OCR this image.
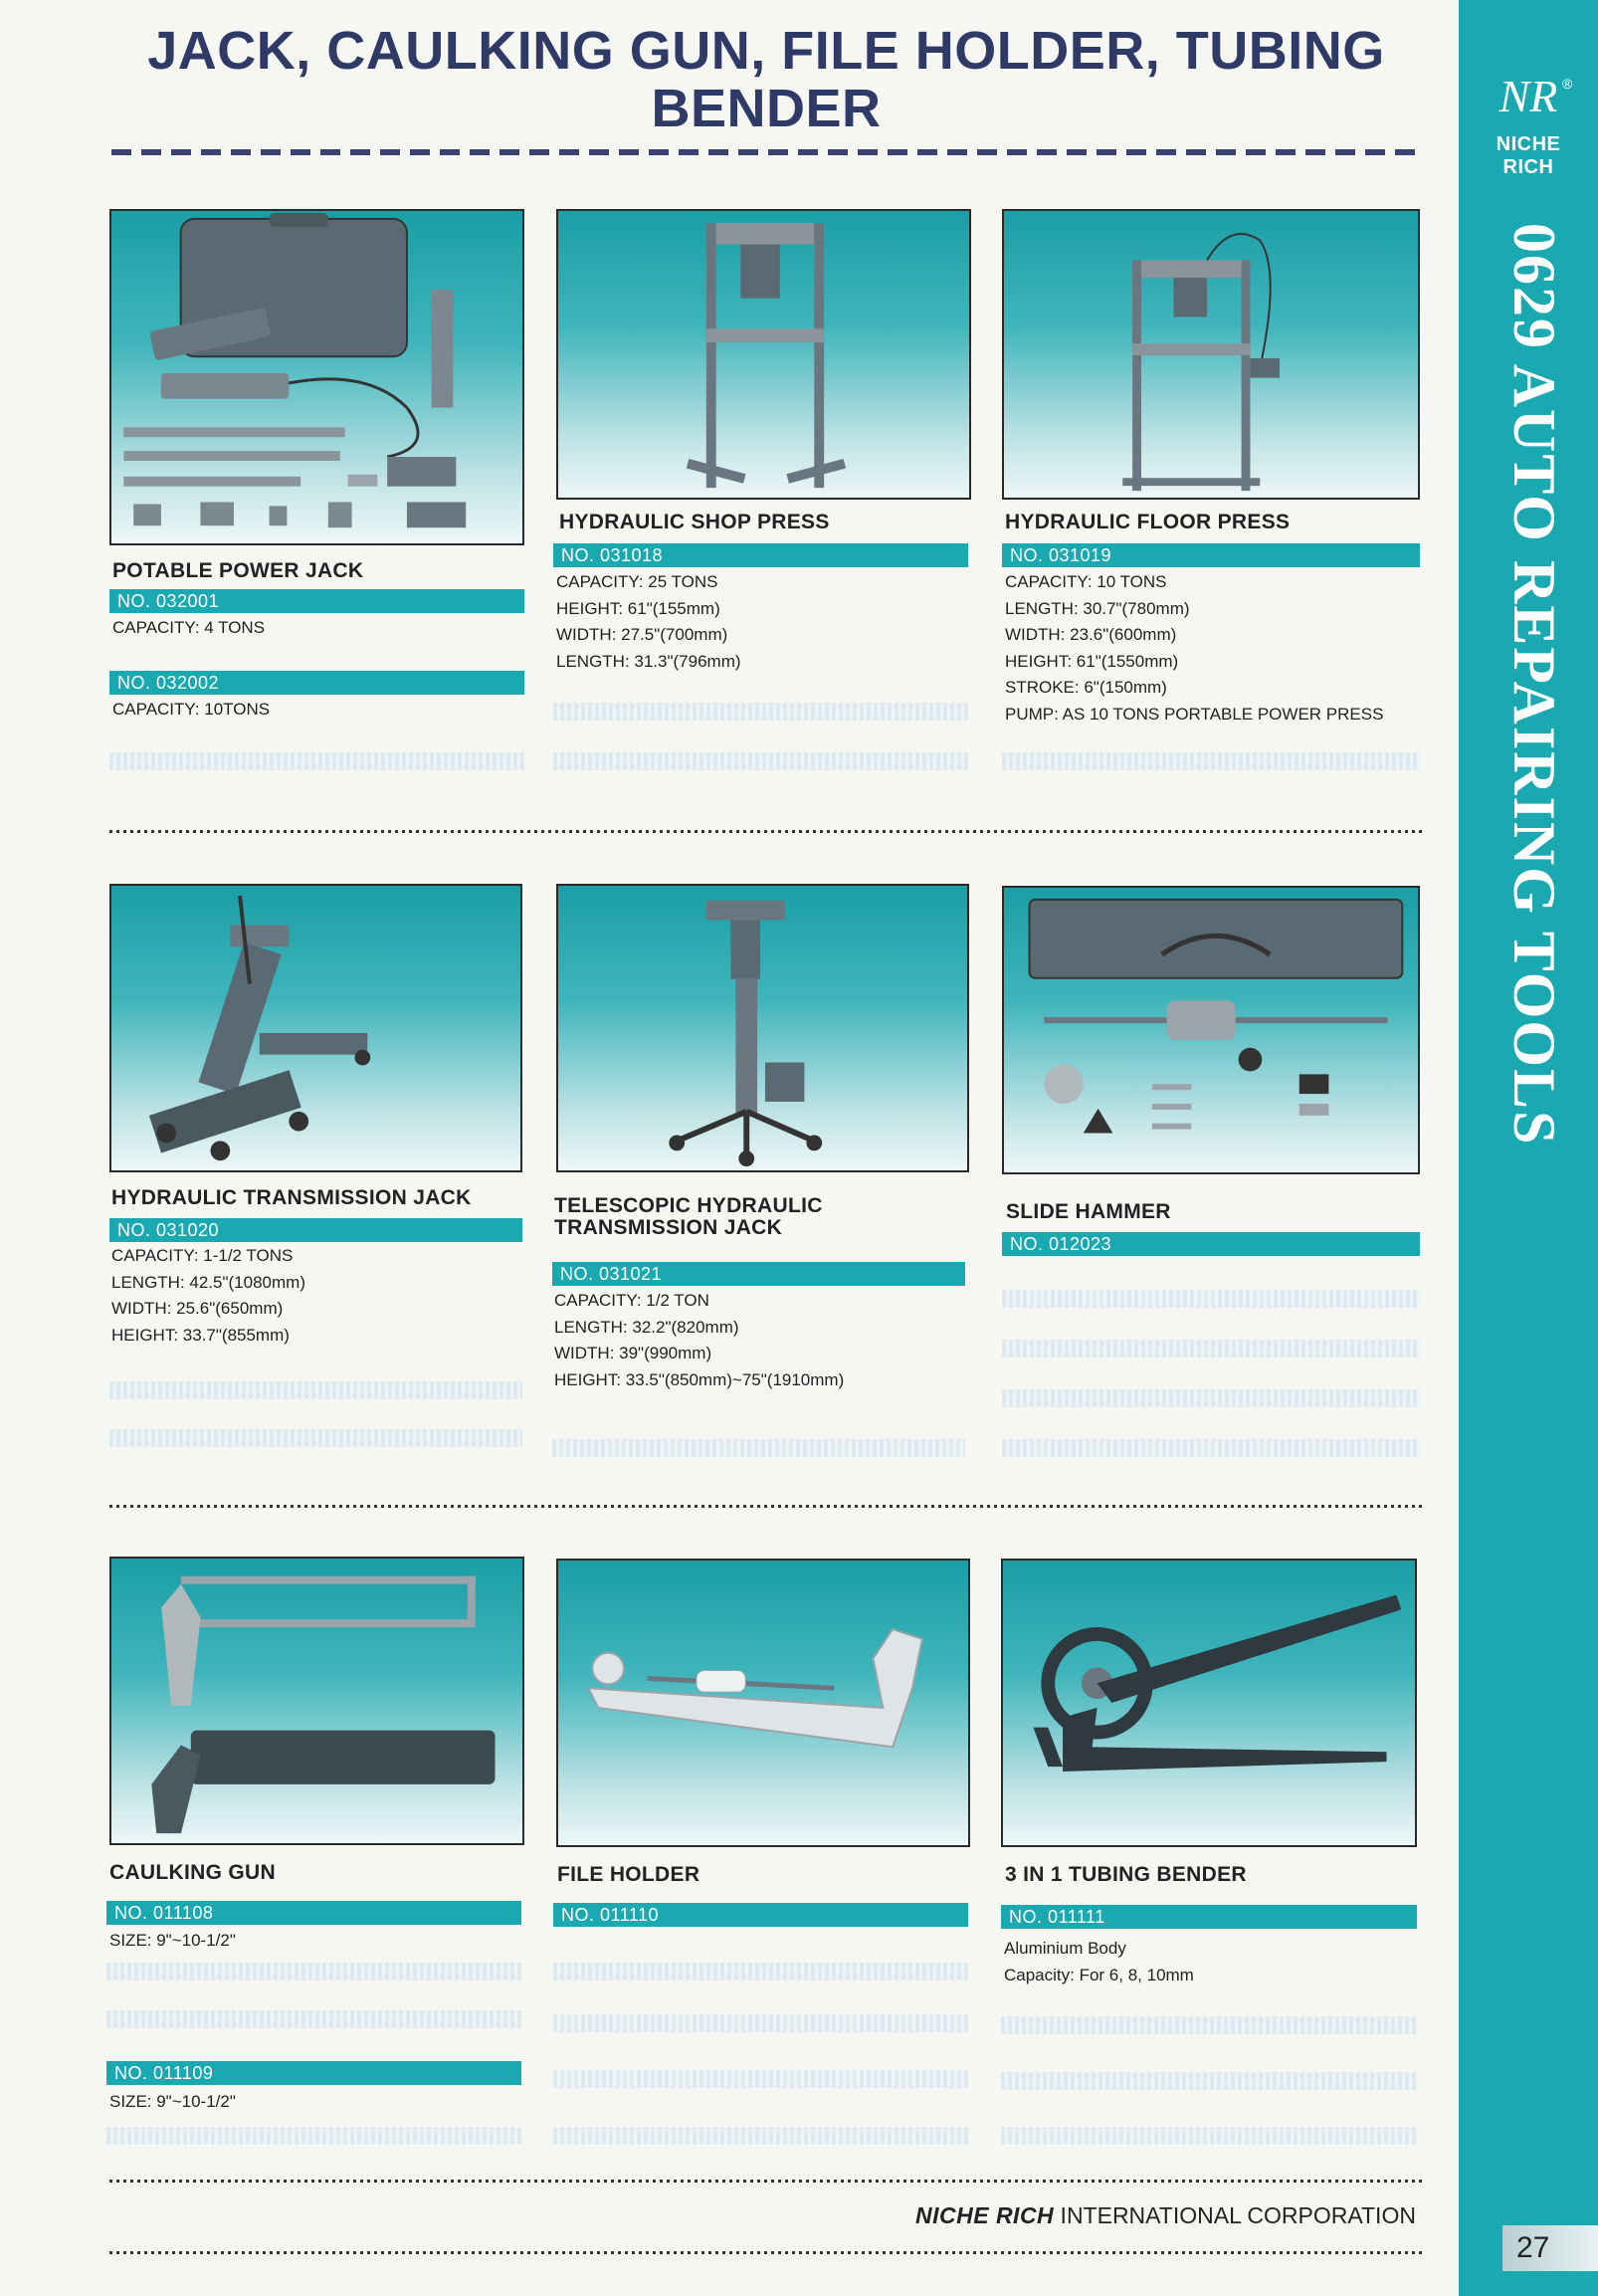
JACK, CAULKING GUN, FILE HOLDER, TUBING
BENDER	NR ®
NICHE RICH
0629 AUTO REPAIRING TOOLS
27
POTABLE POWER JACK
NO. 032001
CAPACITY: 4 TONS
NO. 032002
CAPACITY: 10TONS
HYDRAULIC SHOP PRESS
NO. 031018
CAPACITY: 25 TONS
HEIGHT: 61"(155mm)
WIDTH: 27.5"(700mm)
LENGTH: 31.3"(796mm)
HYDRAULIC FLOOR PRESS
NO. 031019
CAPACITY: 10 TONS
LENGTH: 30.7"(780mm)
WIDTH: 23.6"(600mm)
HEIGHT: 61"(1550mm)
STROKE: 6"(150mm)
PUMP: AS 10 TONS PORTABLE POWER PRESS
HYDRAULIC TRANSMISSION JACK
NO. 031020
CAPACITY: 1-1/2 TONS
LENGTH: 42.5"(1080mm)
WIDTH: 25.6"(650mm)
HEIGHT: 33.7"(855mm)
TELESCOPIC HYDRAULIC
TRANSMISSION JACK
NO. 031021
CAPACITY: 1/2 TON
LENGTH: 32.2"(820mm)
WIDTH: 39"(990mm)
HEIGHT: 33.5"(850mm)~75"(1910mm)
SLIDE HAMMER
NO. 012023
CAULKING GUN
NO. 011108
SIZE: 9"~10-1/2"
NO. 011109
SIZE: 9"~10-1/2"
FILE HOLDER
NO. 011110
3 IN 1 TUBING BENDER
NO. 011111
Aluminium Body
Capacity: For 6, 8, 10mm
NICHE RICH INTERNATIONAL CORPORATION
